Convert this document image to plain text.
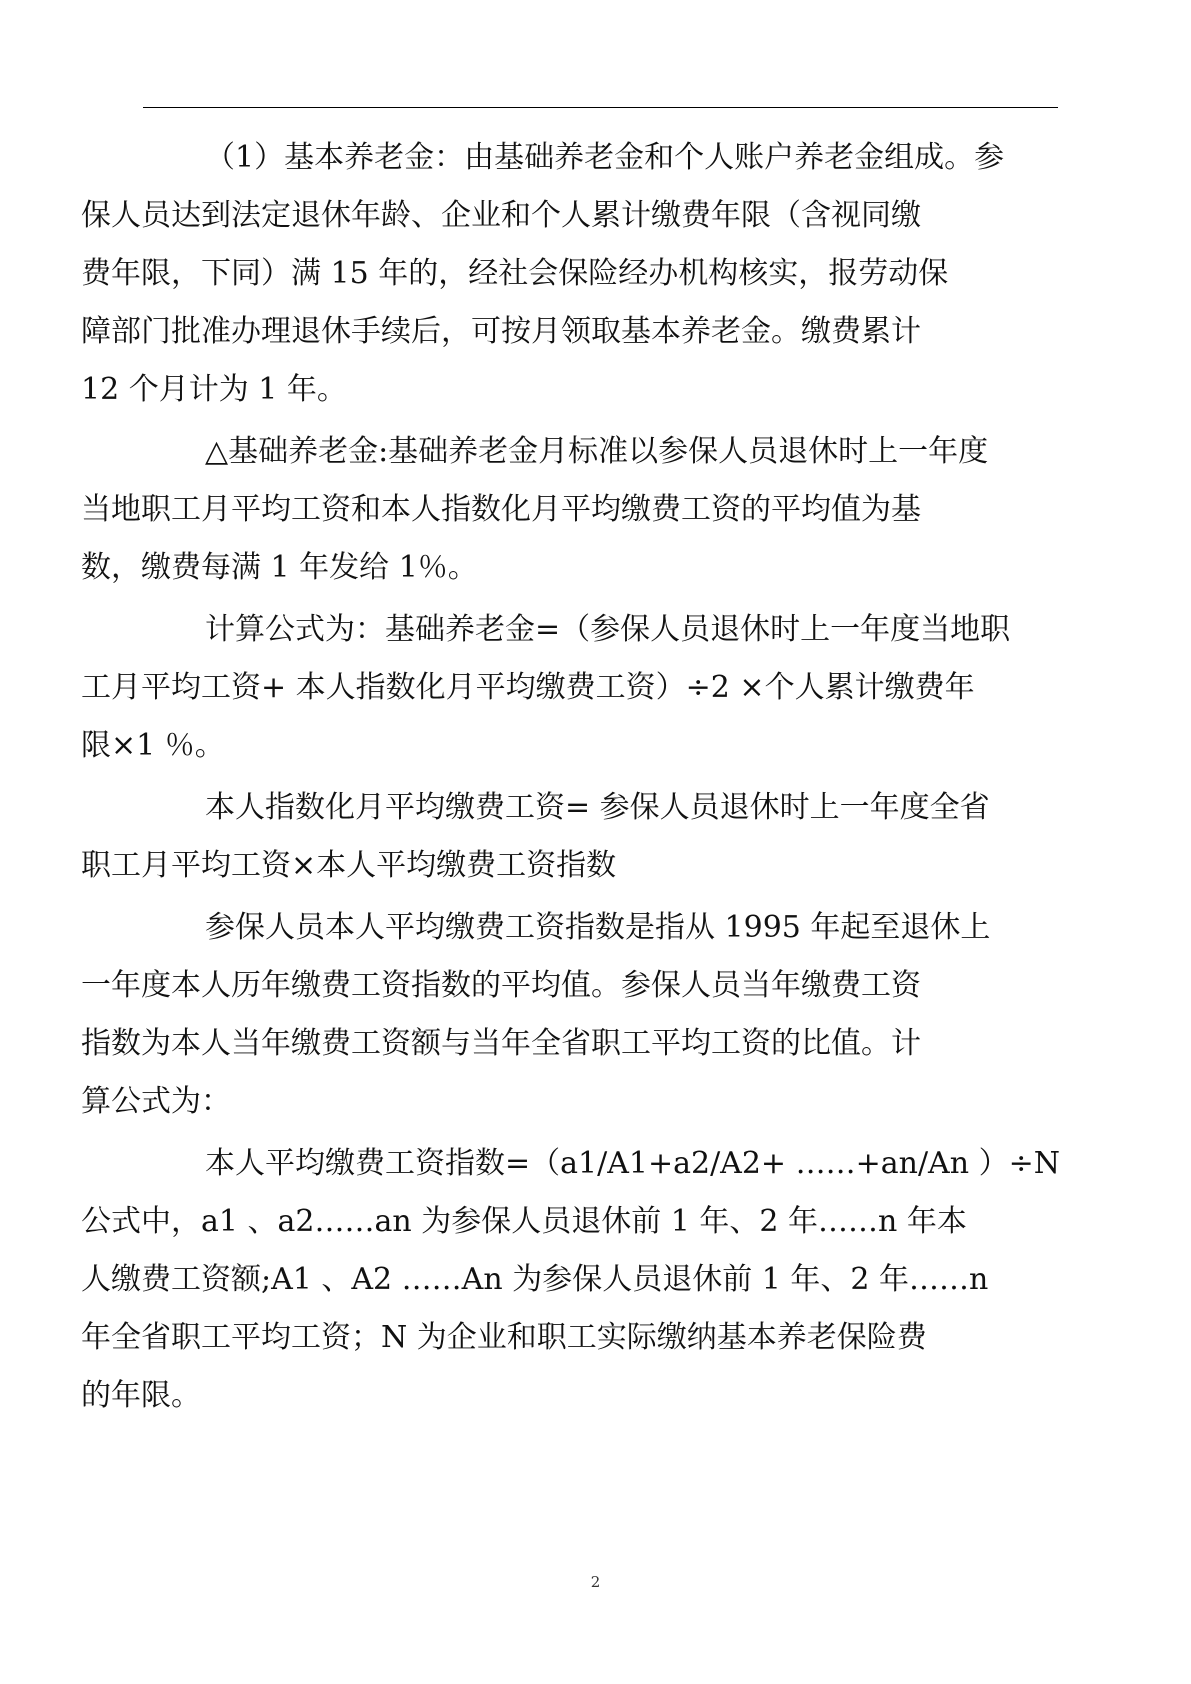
（1）基本养老金：由基础养老金和个人账户养老金组成。参
保人员达到法定退休年龄、企业和个人累计缴费年限（含视同缴
费年限，下同）满 15 年的，经社会保险经办机构核实，报劳动保
障部门批准办理退休手续后，可按月领取基本养老金。缴费累计
12 个月计为 1 年。

△基础养老金:基础养老金月标准以参保人员退休时上一年度
当地职工月平均工资和本人指数化月平均缴费工资的平均值为基
数，缴费每满 1 年发给 1％。

计算公式为：基础养老金=（参保人员退休时上一年度当地职
工月平均工资+ 本人指数化月平均缴费工资）÷2 ×个人累计缴费年
限×1 ％。

本人指数化月平均缴费工资= 参保人员退休时上一年度全省
职工月平均工资×本人平均缴费工资指数

参保人员本人平均缴费工资指数是指从 1995 年起至退休上
一年度本人历年缴费工资指数的平均值。参保人员当年缴费工资
指数为本人当年缴费工资额与当年全省职工平均工资的比值。计
算公式为：

本人平均缴费工资指数=（a1/A1+a2/A2+ ……+an/An ）÷N
公式中，a1 、a2……an 为参保人员退休前 1 年、2 年……n 年本
人缴费工资额;A1 、A2 ……An 为参保人员退休前 1 年、2 年……n
年全省职工平均工资；N 为企业和职工实际缴纳基本养老保险费
的年限。

2
